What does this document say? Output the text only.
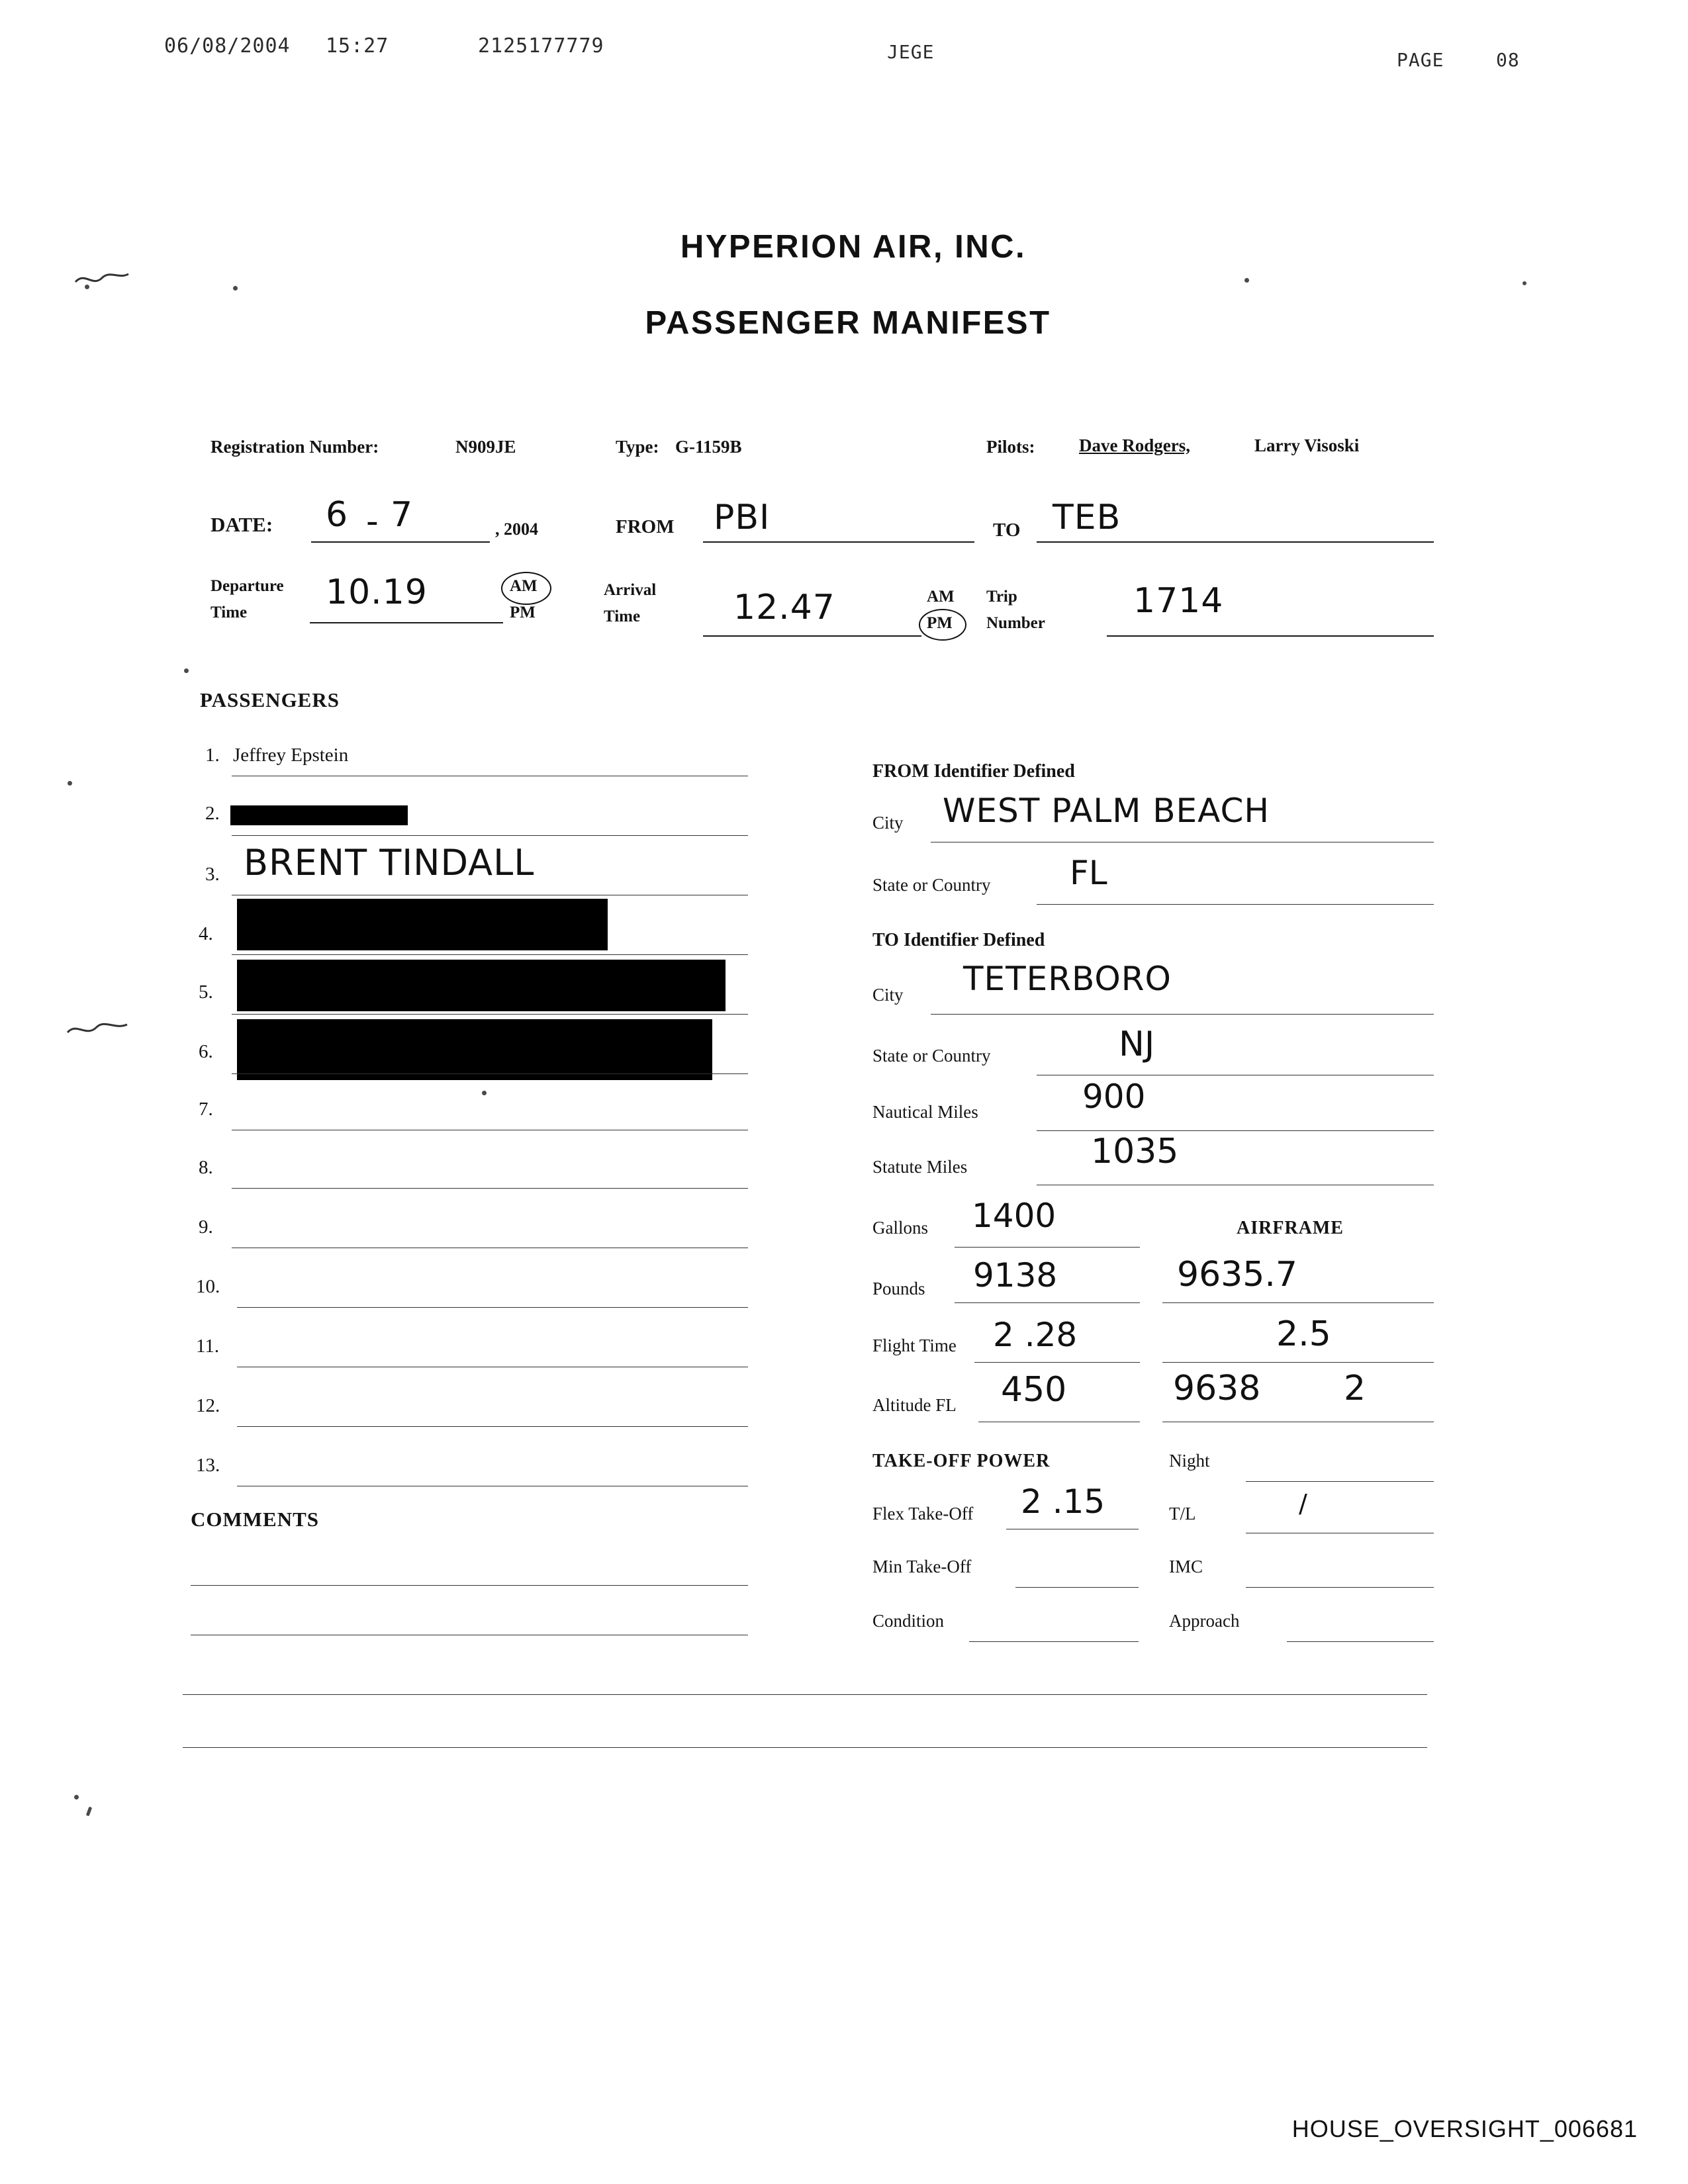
06/08/2004 15:27	2125177779	JEGE	PAGE	08
HYPERION AIR, INC.
PASSENGER MANIFEST
Registration Number:	N909JE	Type: G-1159B	Pilots: Dave Rodgers,	Larry Visoski
DATE: 6 - 7	, 2004	FROM PBI	TO TEB
Departure
Time
10.19	AM
PM
Arrival
Time	12.47	AM
PM
Trip
Number
1714
PASSENGERS
1. Jeffrey Epstein
2.
3. BRENT TINDALL
4.
5.
6.
7.
8.
9.
10.
11.
12.
13.
COMMENTS
FROM Identifier Defined
City WEST PALM BEACH
State or Country FL
TO Identifier Defined
City TETERBORO
State or Country	NJ
Nautical Miles	900
Statute Miles	1035
Gallons 1400	AIRFRAME
Pounds 9138	9635.7
Flight Time 2 .28	2.5
Altitude FL 450	9638 2
TAKE-OFF POWER	Night
Flex Take-Off 2 .15	T/L	/
Min Take-Off	IMC
Condition	Approach
HOUSE_OVERSIGHT_006681
